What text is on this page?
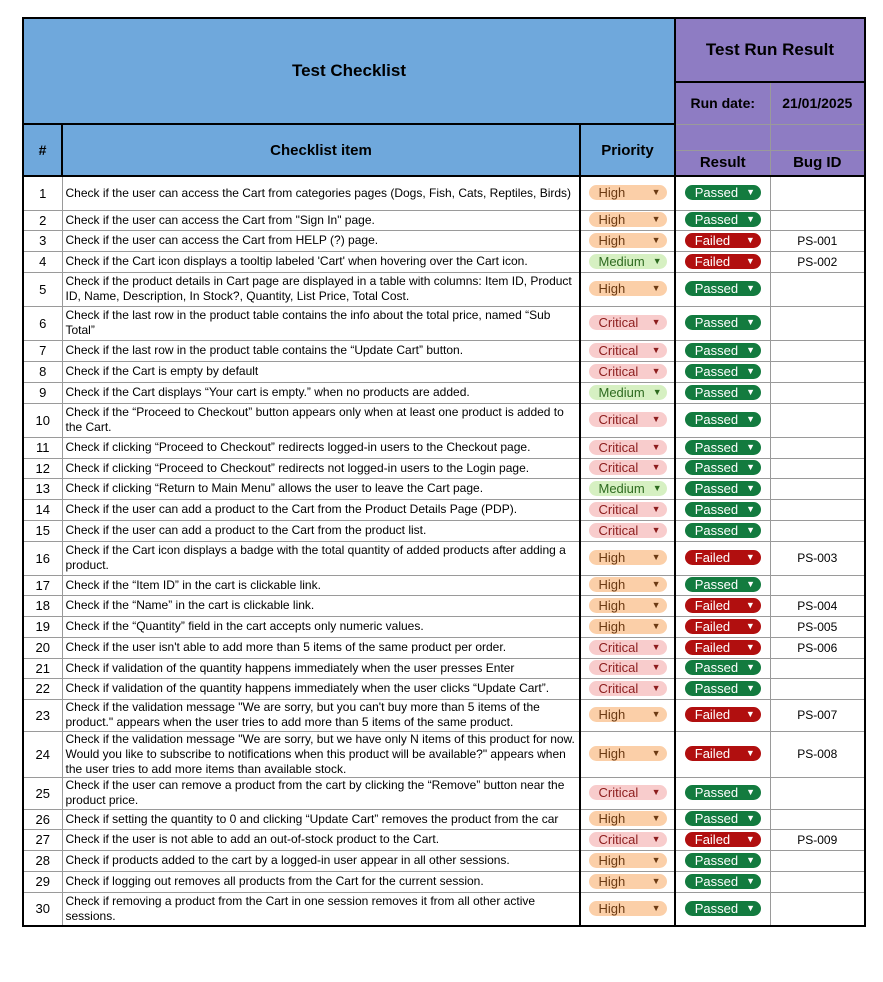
Test Checklist			Test Run Result	
			Run date:	21/01/2025
#	Checklist item	Priority		
			Result	Bug ID
1	Check if the user can access the Cart from categories pages (Dogs, Fish, Cats, Reptiles, Birds)	High ▼	Passed ▼	

2	Check if the user can access the Cart from "Sign In" page.	High ▼	Passed ▼	

3	Check if the user can access the Cart from HELP (?) page.	High ▼	Failed ▼	PS-001
4	Check if the Cart icon displays a tooltip labeled 'Cart' when hovering over the Cart icon.	Medium ▼	Failed ▼	PS-002
5	Check if the product details in Cart page are displayed in a table with columns: Item ID, Product ID, Name, Description, In Stock?, Quantity, List Price, Total Cost.	High ▼	Passed ▼	

6	Check if the last row in the product table contains the info about the total price, named “Sub Total”	Critical ▼	Passed ▼	

7	Check if the last row in the product table contains the “Update Cart” button.	Critical ▼	Passed ▼	

8	Check if the Cart is empty by default	Critical ▼	Passed ▼	

9	Check if the Cart displays “Your cart is empty.” when no products are added.	Medium ▼	Passed ▼	

10	Check if the “Proceed to Checkout” button appears only when at least one product is added to the Cart.	Critical ▼	Passed ▼	

11	Check if clicking “Proceed to Checkout” redirects logged-in users to the Checkout page.	Critical ▼	Passed ▼	

12	Check if clicking “Proceed to Checkout” redirects not logged-in users to the Login page.	Critical ▼	Passed ▼	

13	Check if clicking “Return to Main Menu” allows the user to leave the Cart page.	Medium ▼	Passed ▼	

14	Check if the user can add a product to the Cart from the Product Details Page (PDP).	Critical ▼	Passed ▼	

15	Check if the user can add a product to the Cart from the product list.	Critical ▼	Passed ▼	

16	Check if the Cart icon displays a badge with the total quantity of added products after adding a product.	High ▼	Failed ▼	PS-003
17	Check if the “Item ID” in the cart is clickable link.	High ▼	Passed ▼	

18	Check if the “Name” in the cart is clickable link.	High ▼	Failed ▼	PS-004
19	Check if the “Quantity” field in the cart accepts only numeric values.	High ▼	Failed ▼	PS-005
20	Check if the user isn't able to add more than 5 items of the same product per order.	Critical ▼	Failed ▼	PS-006
21	Check if validation of the quantity happens immediately when the user presses Enter	Critical ▼	Passed ▼	

22	Check if validation of the quantity happens immediately when the user clicks “Update Cart”.	Critical ▼	Passed ▼	

23	Check if the validation message "We are sorry, but you can't buy more than 5 items of the product." appears when the user tries to add more than 5 items of the same product.	High ▼	Failed ▼	PS-007
24	Check if the validation message "We are sorry, but we have only N items of this product for now. Would you like to subscribe to notifications when this product will be available?" appears when the user tries to add more items than available stock.	High ▼	Failed ▼	PS-008
25	Check if the user can remove a product from the cart by clicking the “Remove” button near the product price.	Critical ▼	Passed ▼	

26	Check if setting the quantity to 0 and clicking “Update Cart” removes the product from the car	High ▼	Passed ▼	

27	Check if the user is not able to add an out-of-stock product to the Cart.	Critical ▼	Failed ▼	PS-009
28	Check if products added to the cart by a logged-in user appear in all other sessions.	High ▼	Passed ▼	

29	Check if logging out removes all products from the Cart for the current session.	High ▼	Passed ▼	

30	Check if removing a product from the Cart in one session removes it from all other active sessions.	High ▼	Passed ▼	
